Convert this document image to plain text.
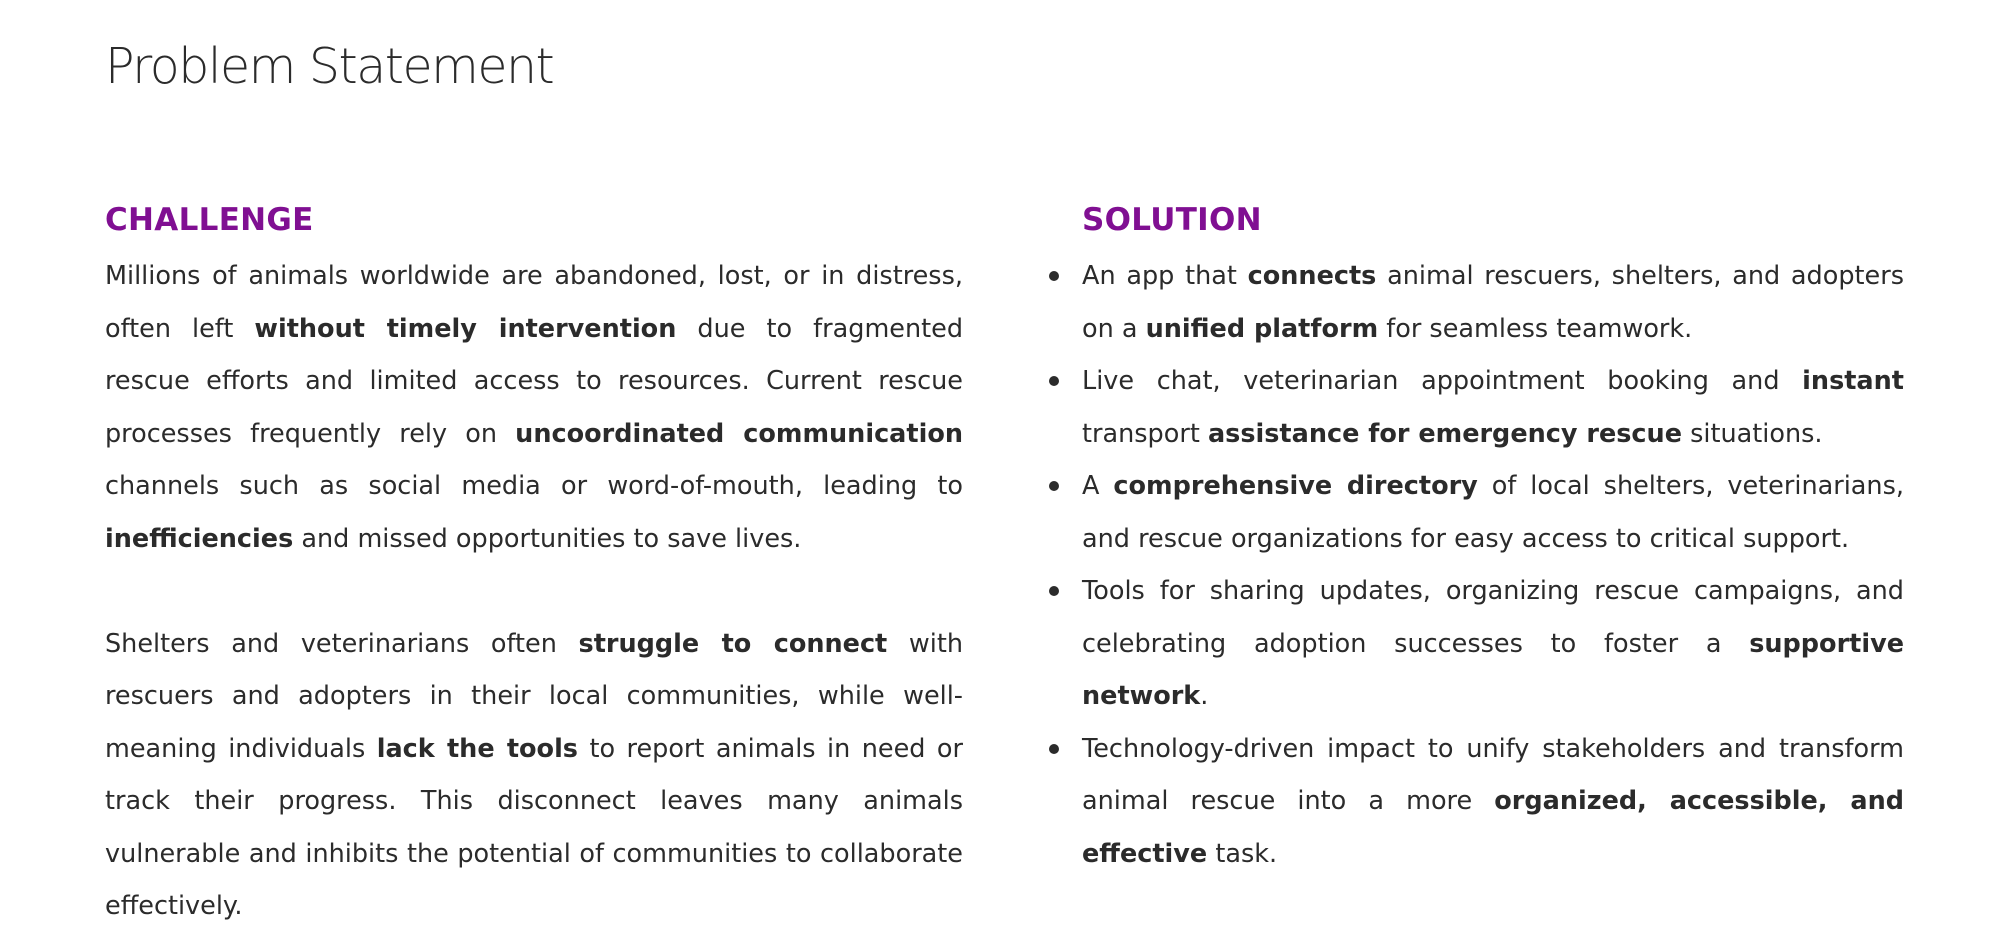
Problem Statement
CHALLENGE

Millions of animals worldwide are abandoned, lost, or in distress, often left without timely intervention due to fragmented rescue efforts and limited access to resources. Current rescue processes frequently rely on uncoordinated communication channels such as social media or word-of-mouth, leading to inefficiencies and missed opportunities to save lives.

Shelters and veterinarians often struggle to connect with rescuers and adopters in their local communities, while well-meaning individuals lack the tools to report animals in need or track their progress. This disconnect leaves many animals vulnerable and inhibits the potential of communities to collaborate effectively.

SOLUTION
An app that connects animal rescuers, shelters, and adopters on a unified platform for seamless teamwork.
Live chat, veterinarian appointment booking and instant transport assistance for emergency rescue situations.
A comprehensive directory of local shelters, veterinarians, and rescue organizations for easy access to critical support.
Tools for sharing updates, organizing rescue campaigns, and celebrating adoption successes to foster a supportive network.
Technology-driven impact to unify stakeholders and transform animal rescue into a more organized, accessible, and effective task.
